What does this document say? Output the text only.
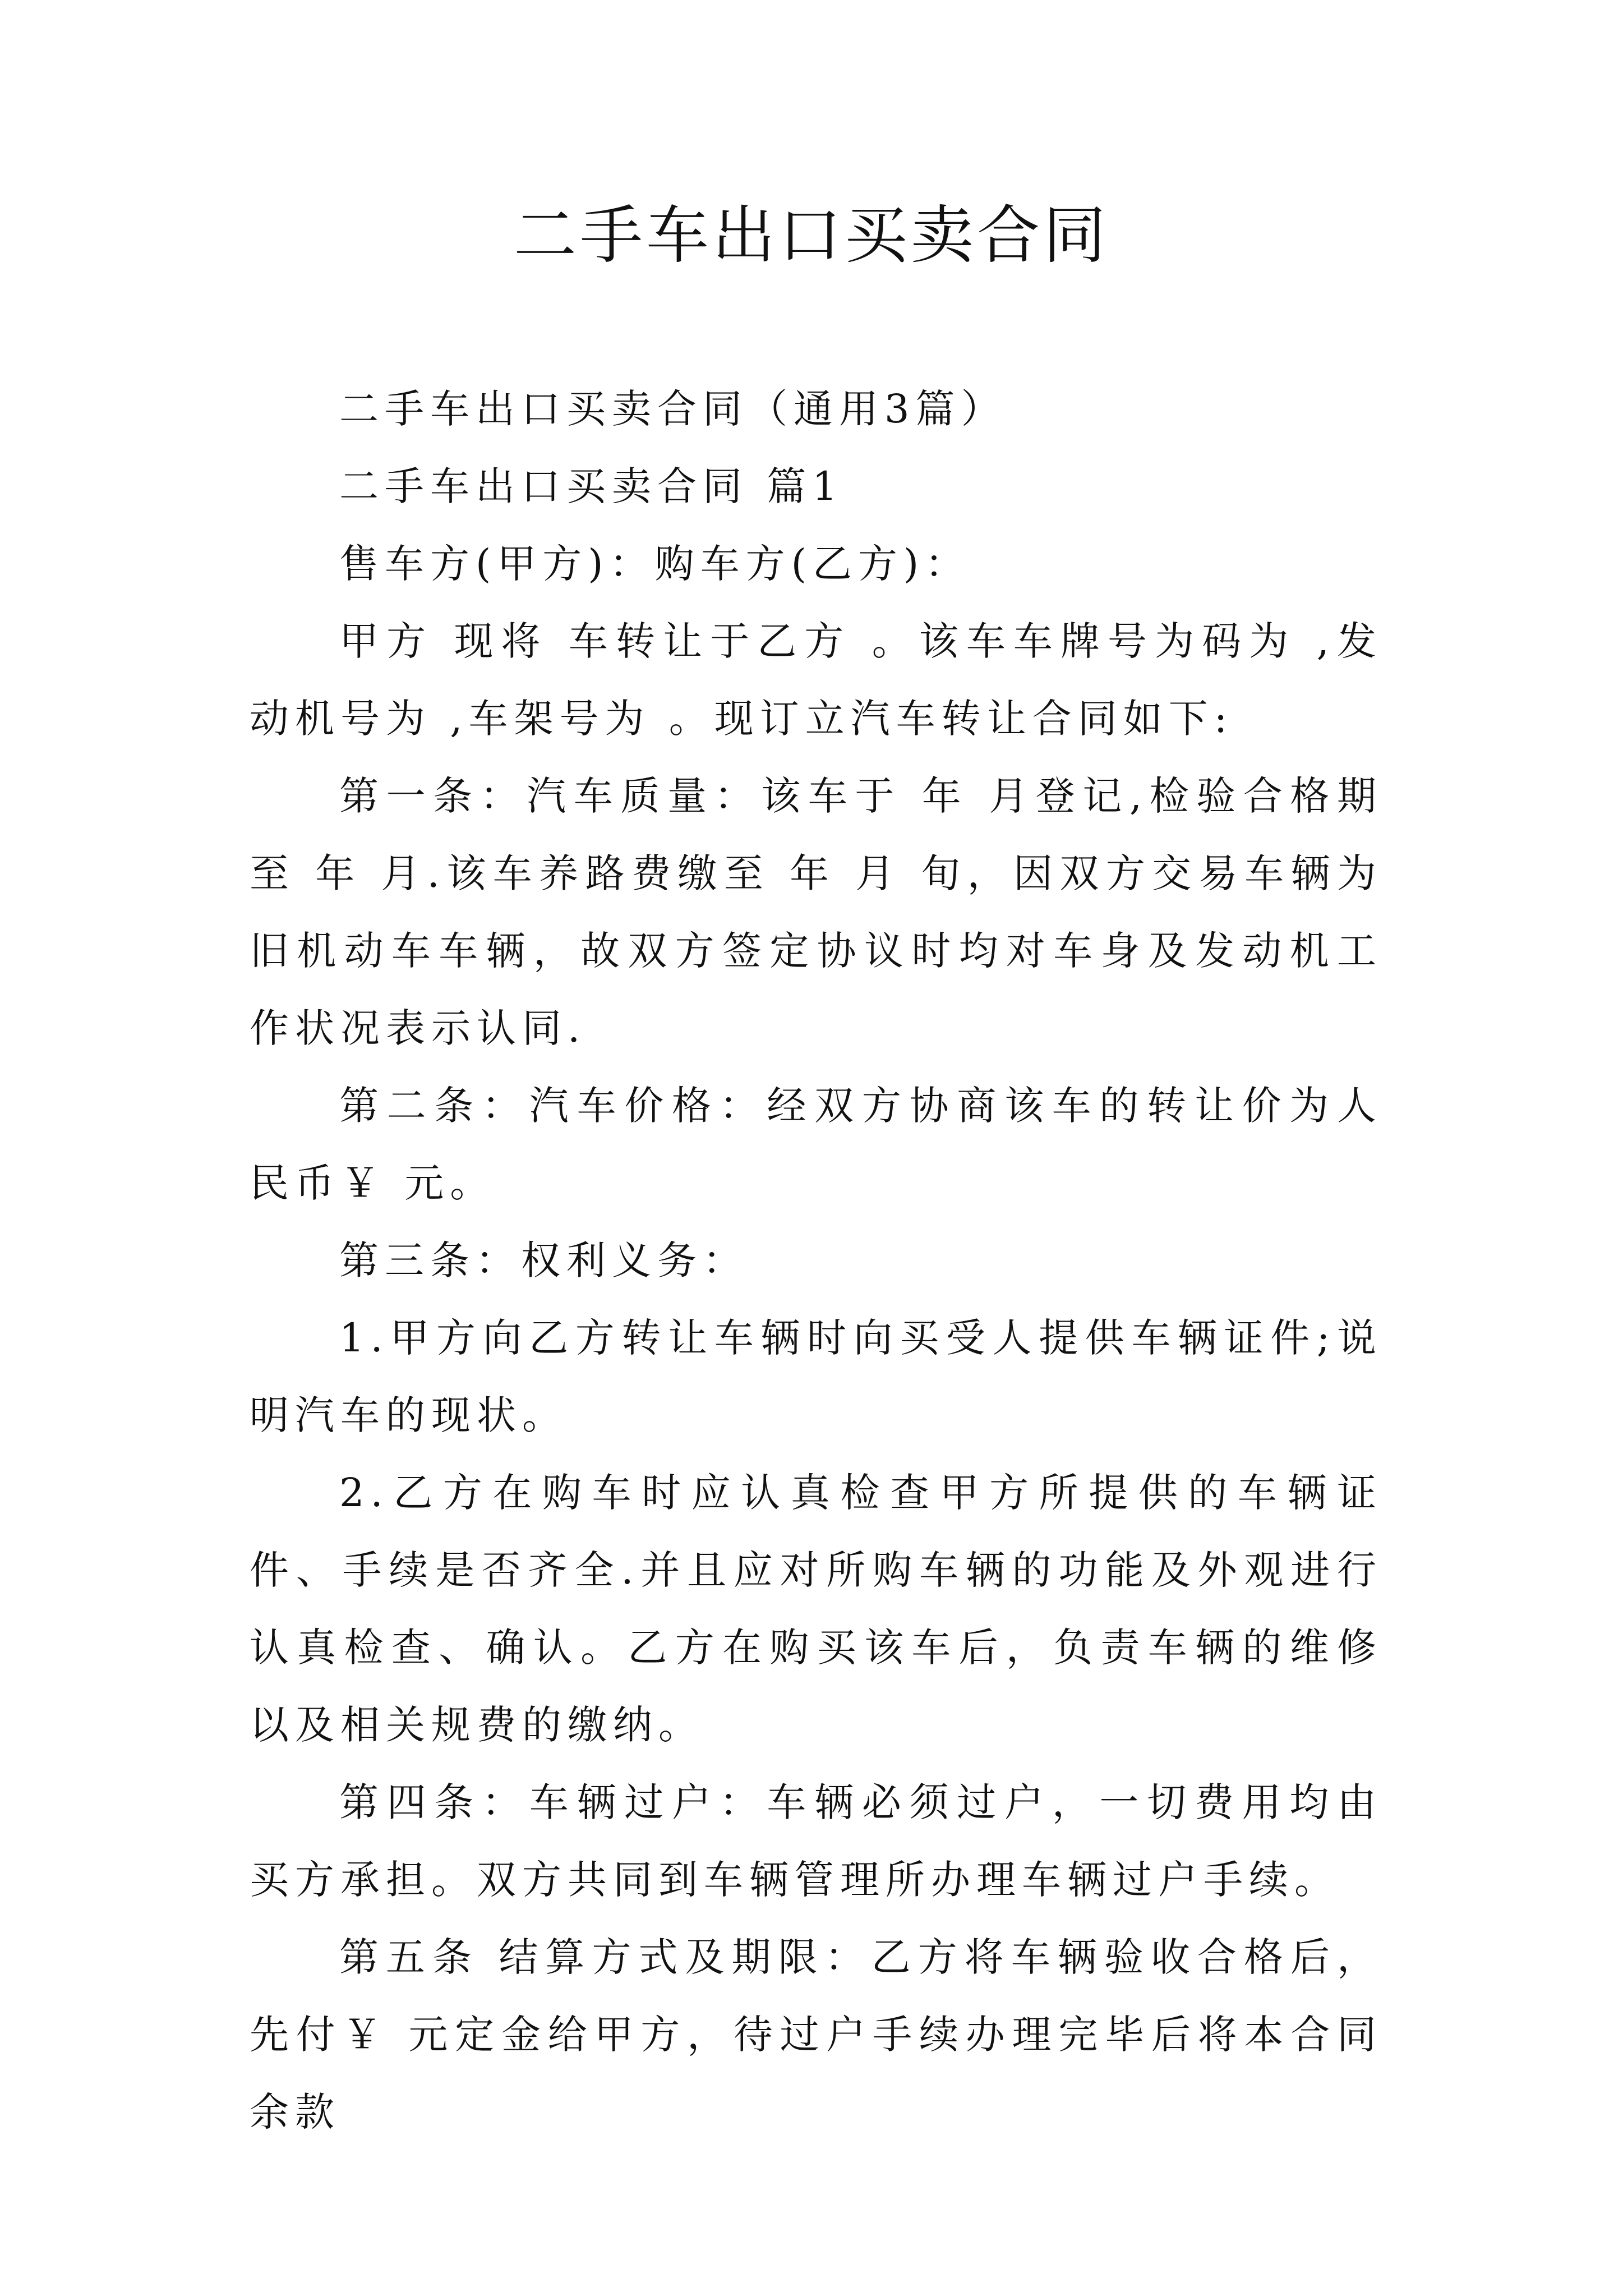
二手车出口买卖合同

二手车出口买卖合同（通用3篇）

二手车出口买卖合同 篇1

售车方(甲方)：购车方(乙方)：

甲方 现将 车转让于乙方 。该车车牌号为码为 ,发动机号为 ,车架号为 。现订立汽车转让合同如下:

第一条：汽车质量：该车于 年 月登记,检验合格期至 年 月.该车养路费缴至 年 月 旬，因双方交易车辆为旧机动车车辆，故双方签定协议时均对车身及发动机工作状况表示认同.

第二条：汽车价格：经双方协商该车的转让价为人民币￥ 元。

第三条：权利义务：

1.甲方向乙方转让车辆时向买受人提供车辆证件;说明汽车的现状。

2.乙方在购车时应认真检查甲方所提供的车辆证件、手续是否齐全.并且应对所购车辆的功能及外观进行认真检查、确认。乙方在购买该车后，负责车辆的维修以及相关规费的缴纳。

第四条：车辆过户：车辆必须过户，一切费用均由买方承担。双方共同到车辆管理所办理车辆过户手续。

第五条 结算方式及期限：乙方将车辆验收合格后，先付￥ 元定金给甲方，待过户手续办理完毕后将本合同余款
